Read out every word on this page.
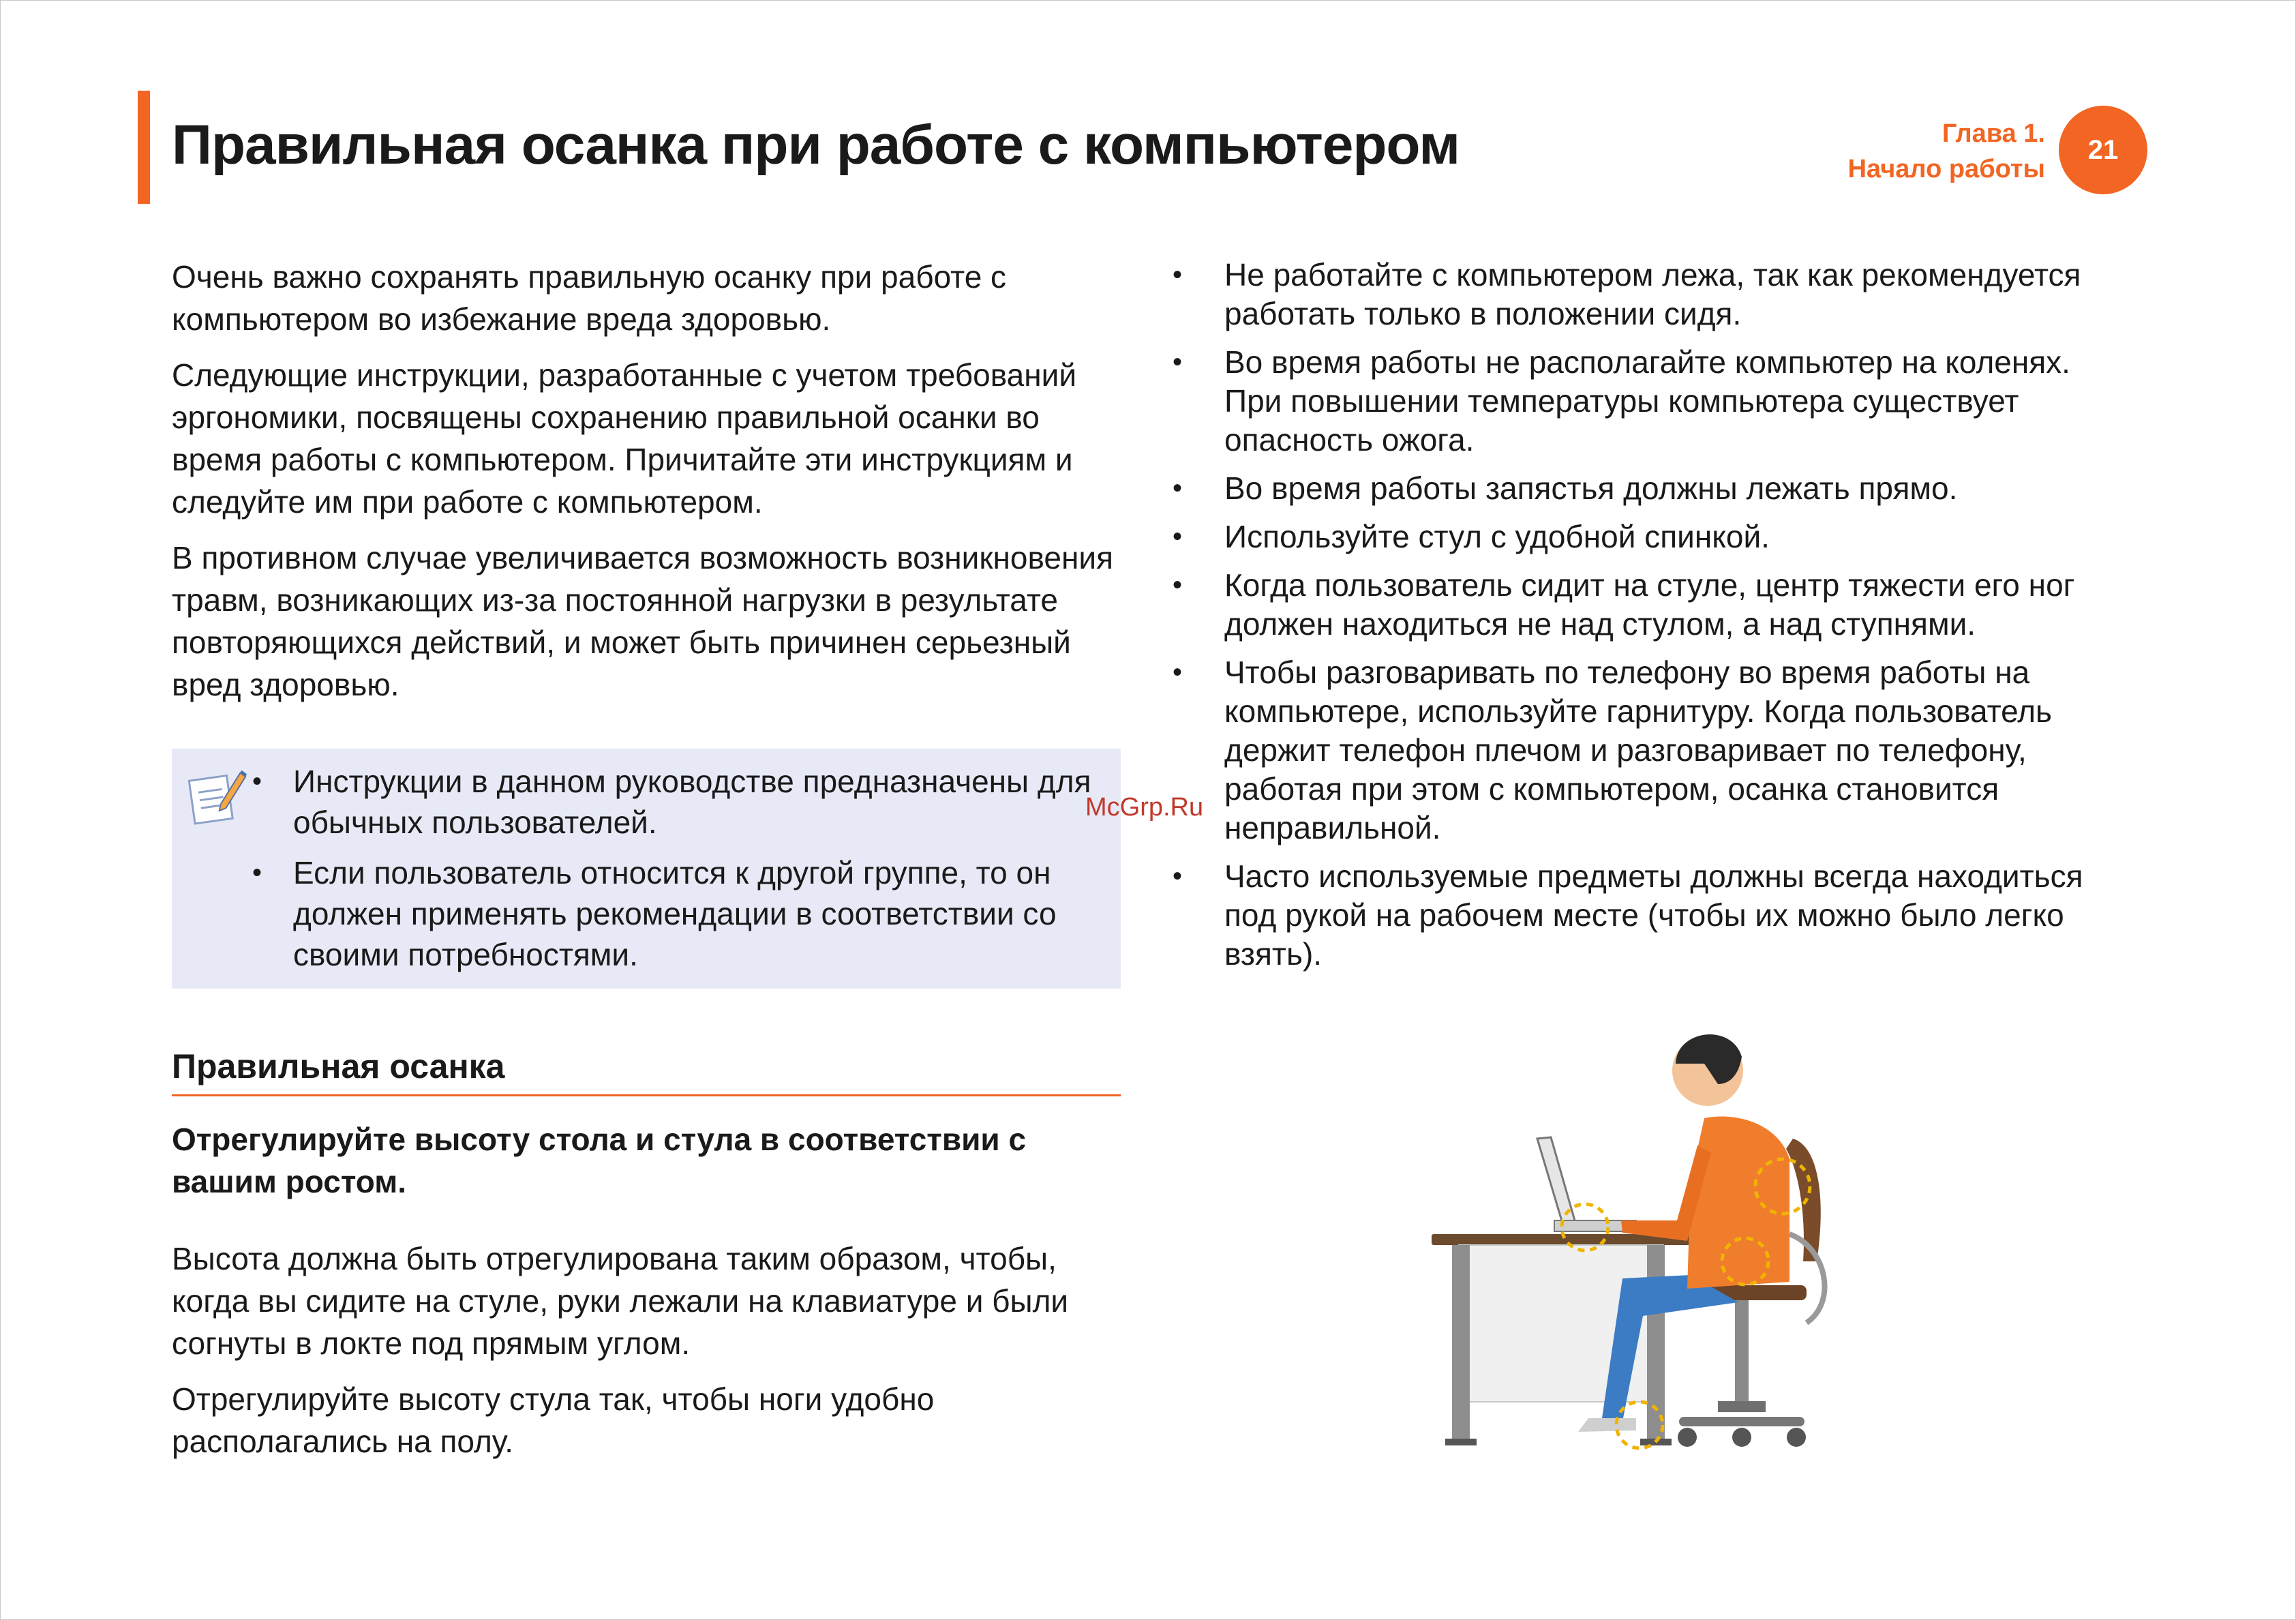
Правильная осанка при работе с компьютером	Глава 1.
Начало работы
21

Очень важно сохранять правильную осанку при работе с компьютером во избежание вреда здоровью.

Следующие инструкции, разработанные с учетом требований эргономики, посвящены сохранению правильной осанки во время работы с компьютером. Причитайте эти инструкциям и следуйте им при работе с компьютером.

В противном случае увеличивается возможность возникновения травм, возникающих из-за постоянной нагрузки в результате повторяющихся действий, и может быть причинен серьезный вред здоровью.

• Инструкции в данном руководстве предназначены для обычных пользователей.
• Если пользователь относится к другой группе, то он должен применять рекомендации в соответствии со своими потребностями.
Правильная осанка

Отрегулируйте высоту стола и стула в соответствии с вашим ростом.

Высота должна быть отрегулирована таким образом, чтобы, когда вы сидите на стуле, руки лежали на клавиатуре и были согнуты в локте под прямым углом.

Отрегулируйте высоту стула так, чтобы ноги удобно располагались на полу.

• Не работайте с компьютером лежа, так как рекомендуется работать только в положении сидя.
• Во время работы не располагайте компьютер на коленях. При повышении температуры компьютера существует опасность ожога.
• Во время работы запястья должны лежать прямо.
• Используйте стул с удобной спинкой.
• Когда пользователь сидит на стуле, центр тяжести его ног должен находиться не над стулом, а над ступнями.
• Чтобы разговаривать по телефону во время работы на компьютере, используйте гарнитуру. Когда пользователь держит телефон плечом и разговаривает по телефону, работая при этом с компьютером, осанка становится неправильной.
• Часто используемые предметы должны всегда находиться под рукой на рабочем месте (чтобы их можно было легко взять).
McGrp.Ru
